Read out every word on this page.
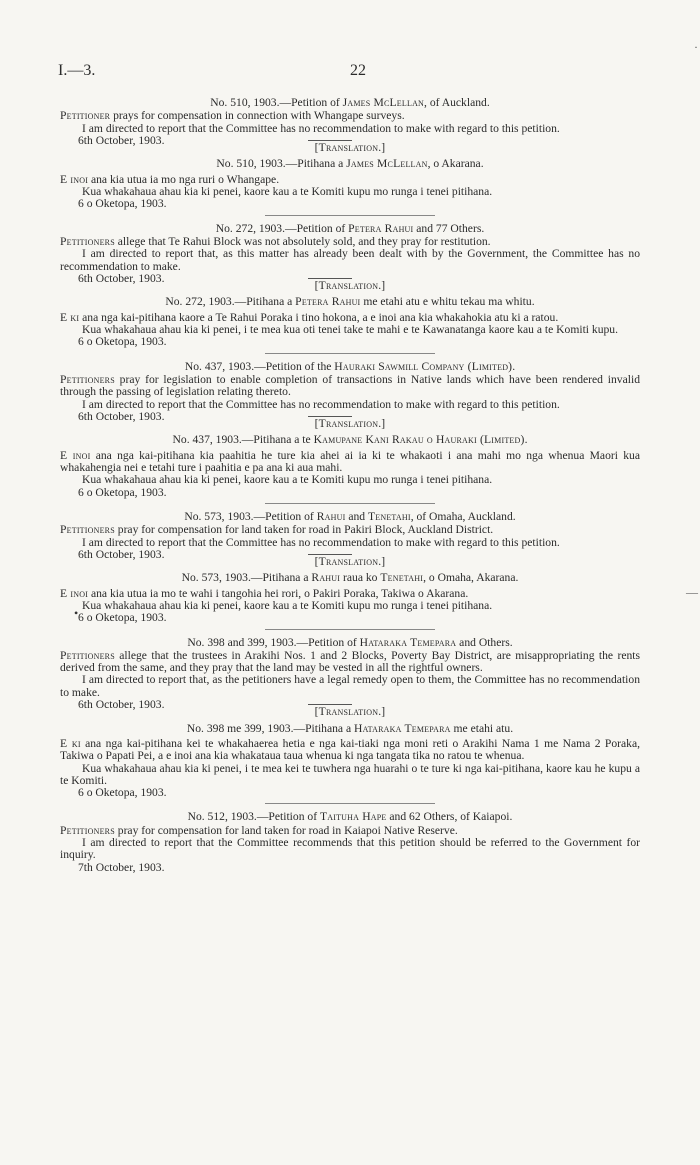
I.—3.	22
·
—
•

No. 510, 1903.—Petition of James McLellan, of Auckland.

Petitioner prays for compensation in connection with Whangape surveys.

I am directed to report that the Committee has no recommendation to make with regard to this petition.

6th October, 1903.

[Translation.]

No. 510, 1903.—Pitihana a James McLellan, o Akarana.

E inoi ana kia utua ia mo nga ruri o Whangape.

Kua whakahaua ahau kia ki penei, kaore kau a te Komiti kupu mo runga i tenei pitihana.

6 o Oketopa, 1903.

No. 272, 1903.—Petition of Petera Rahui and 77 Others.

Petitioners allege that Te Rahui Block was not absolutely sold, and they pray for restitution.

I am directed to report that, as this matter has already been dealt with by the Government, the Committee has no recommendation to make.

6th October, 1903.

[Translation.]

No. 272, 1903.—Pitihana a Petera Rahui me etahi atu e whitu tekau ma whitu.

E ki ana nga kai-pitihana kaore a Te Rahui Poraka i tino hokona, a e inoi ana kia whakahokia atu ki a ratou.

Kua whakahaua ahau kia ki penei, i te mea kua oti tenei take te mahi e te Kawanatanga kaore kau a te Komiti kupu.

6 o Oketopa, 1903.

No. 437, 1903.—Petition of the Hauraki Sawmill Company (Limited).

Petitioners pray for legislation to enable completion of transactions in Native lands which have been rendered invalid through the passing of legislation relating thereto.

I am directed to report that the Committee has no recommendation to make with regard to this petition.

6th October, 1903.

[Translation.]

No. 437, 1903.—Pitihana a te Kamupane Kani Rakau o Hauraki (Limited).

E inoi ana nga kai-pitihana kia paahitia he ture kia ahei ai ia ki te whakaoti i ana mahi mo nga whenua Maori kua whakahengia nei e tetahi ture i paahitia e pa ana ki aua mahi.

Kua whakahaua ahau kia ki penei, kaore kau a te Komiti kupu mo runga i tenei pitihana.

6 o Oketopa, 1903.

No. 573, 1903.—Petition of Rahui and Tenetahi, of Omaha, Auckland.

Petitioners pray for compensation for land taken for road in Pakiri Block, Auckland District.

I am directed to report that the Committee has no recommendation to make with regard to this petition.

6th October, 1903.

[Translation.]

No. 573, 1903.—Pitihana a Rahui raua ko Tenetahi, o Omaha, Akarana.

E inoi ana kia utua ia mo te wahi i tangohia hei rori, o Pakiri Poraka, Takiwa o Akarana.

Kua whakahaua ahau kia ki penei, kaore kau a te Komiti kupu mo runga i tenei pitihana.

6 o Oketopa, 1903.

No. 398 and 399, 1903.—Petition of Hataraka Temepara and Others.

Petitioners allege that the trustees in Arakihi Nos. 1 and 2 Blocks, Poverty Bay District, are misappropriating the rents derived from the same, and they pray that the land may be vested in all the rightful owners.

I am directed to report that, as the petitioners have a legal remedy open to them, the Committee has no recommendation to make.

6th October, 1903.

[Translation.]

No. 398 me 399, 1903.—Pitihana a Hataraka Temepara me etahi atu.

E ki ana nga kai-pitihana kei te whakahaerea hetia e nga kai-tiaki nga moni reti o Arakihi Nama 1 me Nama 2 Poraka, Takiwa o Papati Pei, a e inoi ana kia whakataua taua whenua ki nga tangata tika no ratou te whenua.

Kua whakahaua ahau kia ki penei, i te mea kei te tuwhera nga huarahi o te ture ki nga kai-pitihana, kaore kau he kupu a te Komiti.

6 o Oketopa, 1903.

No. 512, 1903.—Petition of Taituha Hape and 62 Others, of Kaiapoi.

Petitioners pray for compensation for land taken for road in Kaiapoi Native Reserve.

I am directed to report that the Committee recommends that this petition should be referred to the Government for inquiry.

7th October, 1903.
